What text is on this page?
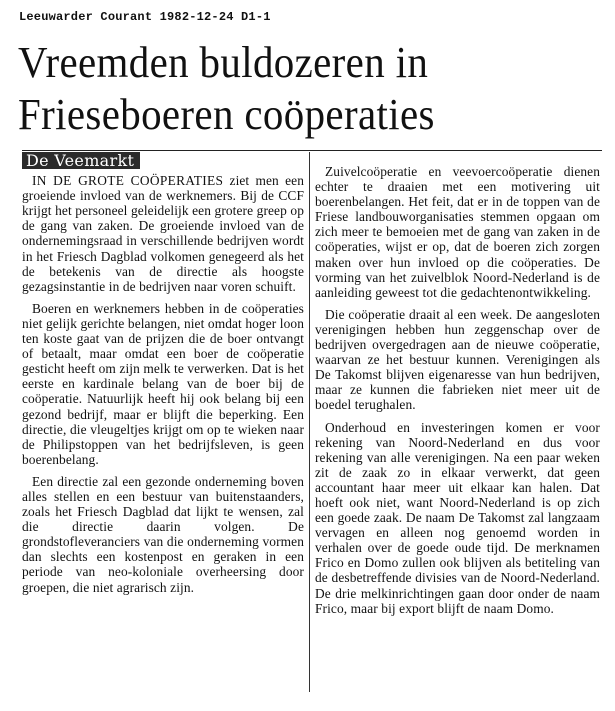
Leeuwarder Courant 1982-12-24 D1-1
Vreemden buldozeren in
Frieseboeren coöperaties
De Veemarkt

IN DE GROTE COÖPERATIES ziet men een groeiende invloed van de werknemers. Bij de CCF krijgt het personeel geleidelijk een grotere greep op de gang van zaken. De groeiende invloed van de ondernemingsraad in verschillende bedrijven wordt in het Friesch Dagblad volkomen genegeerd als het de betekenis van de directie als hoogste gezagsinstantie in de bedrijven naar voren schuift.

Boeren en werknemers hebben in de coöperaties niet gelijk gerichte belangen, niet omdat hoger loon ten koste gaat van de prijzen die de boer ontvangt of betaalt, maar omdat een boer de coöperatie gesticht heeft om zijn melk te verwerken. Dat is het eerste en kardinale belang van de boer bij de coöperatie. Natuurlijk heeft hij ook belang bij een gezond bedrijf, maar er blijft die beperking. Een directie, die vleugeltjes krijgt om op te wieken naar de Philipstoppen van het bedrijfsleven, is geen boerenbelang.

Een directie zal een gezonde onderneming boven alles stellen en een bestuur van buitenstaanders, zoals het Friesch Dagblad dat lijkt te wensen, zal die directie daarin volgen. De grondstofleveranciers van die onderneming vormen dan slechts een kostenpost en geraken in een periode van neo-koloniale overheersing door groepen, die niet agrarisch zijn.

Zuivelcoöperatie en veevoercoöperatie dienen echter te draaien met een motivering uit boerenbelangen. Het feit, dat er in de toppen van de Friese landbouworganisaties stemmen opgaan om zich meer te bemoeien met de gang van zaken in de coöperaties, wijst er op, dat de boeren zich zorgen maken over hun invloed op die coöperaties. De vorming van het zuivelblok Noord-Nederland is de aanleiding geweest tot die gedachtenontwikkeling.

Die coöperatie draait al een week. De aangesloten verenigingen hebben hun zeggenschap over de bedrijven overgedragen aan de nieuwe coöperatie, waarvan ze het bestuur kunnen. Verenigingen als De Takomst blijven eigenaresse van hun bedrijven, maar ze kunnen die fabrieken niet meer uit de boedel terughalen.

Onderhoud en investeringen komen er voor rekening van Noord-Nederland en dus voor rekening van alle verenigingen. Na een paar weken zit de zaak zo in elkaar verwerkt, dat geen accountant haar meer uit elkaar kan halen. Dat hoeft ook niet, want Noord-Nederland is op zich een goede zaak. De naam De Takomst zal langzaam vervagen en alleen nog genoemd worden in verhalen over de goede oude tijd. De merknamen Frico en Domo zullen ook blijven als betiteling van de desbetreffende divisies van de Noord-Nederland. De drie melkinrichtingen gaan door onder de naam Frico, maar bij export blijft de naam Domo.
